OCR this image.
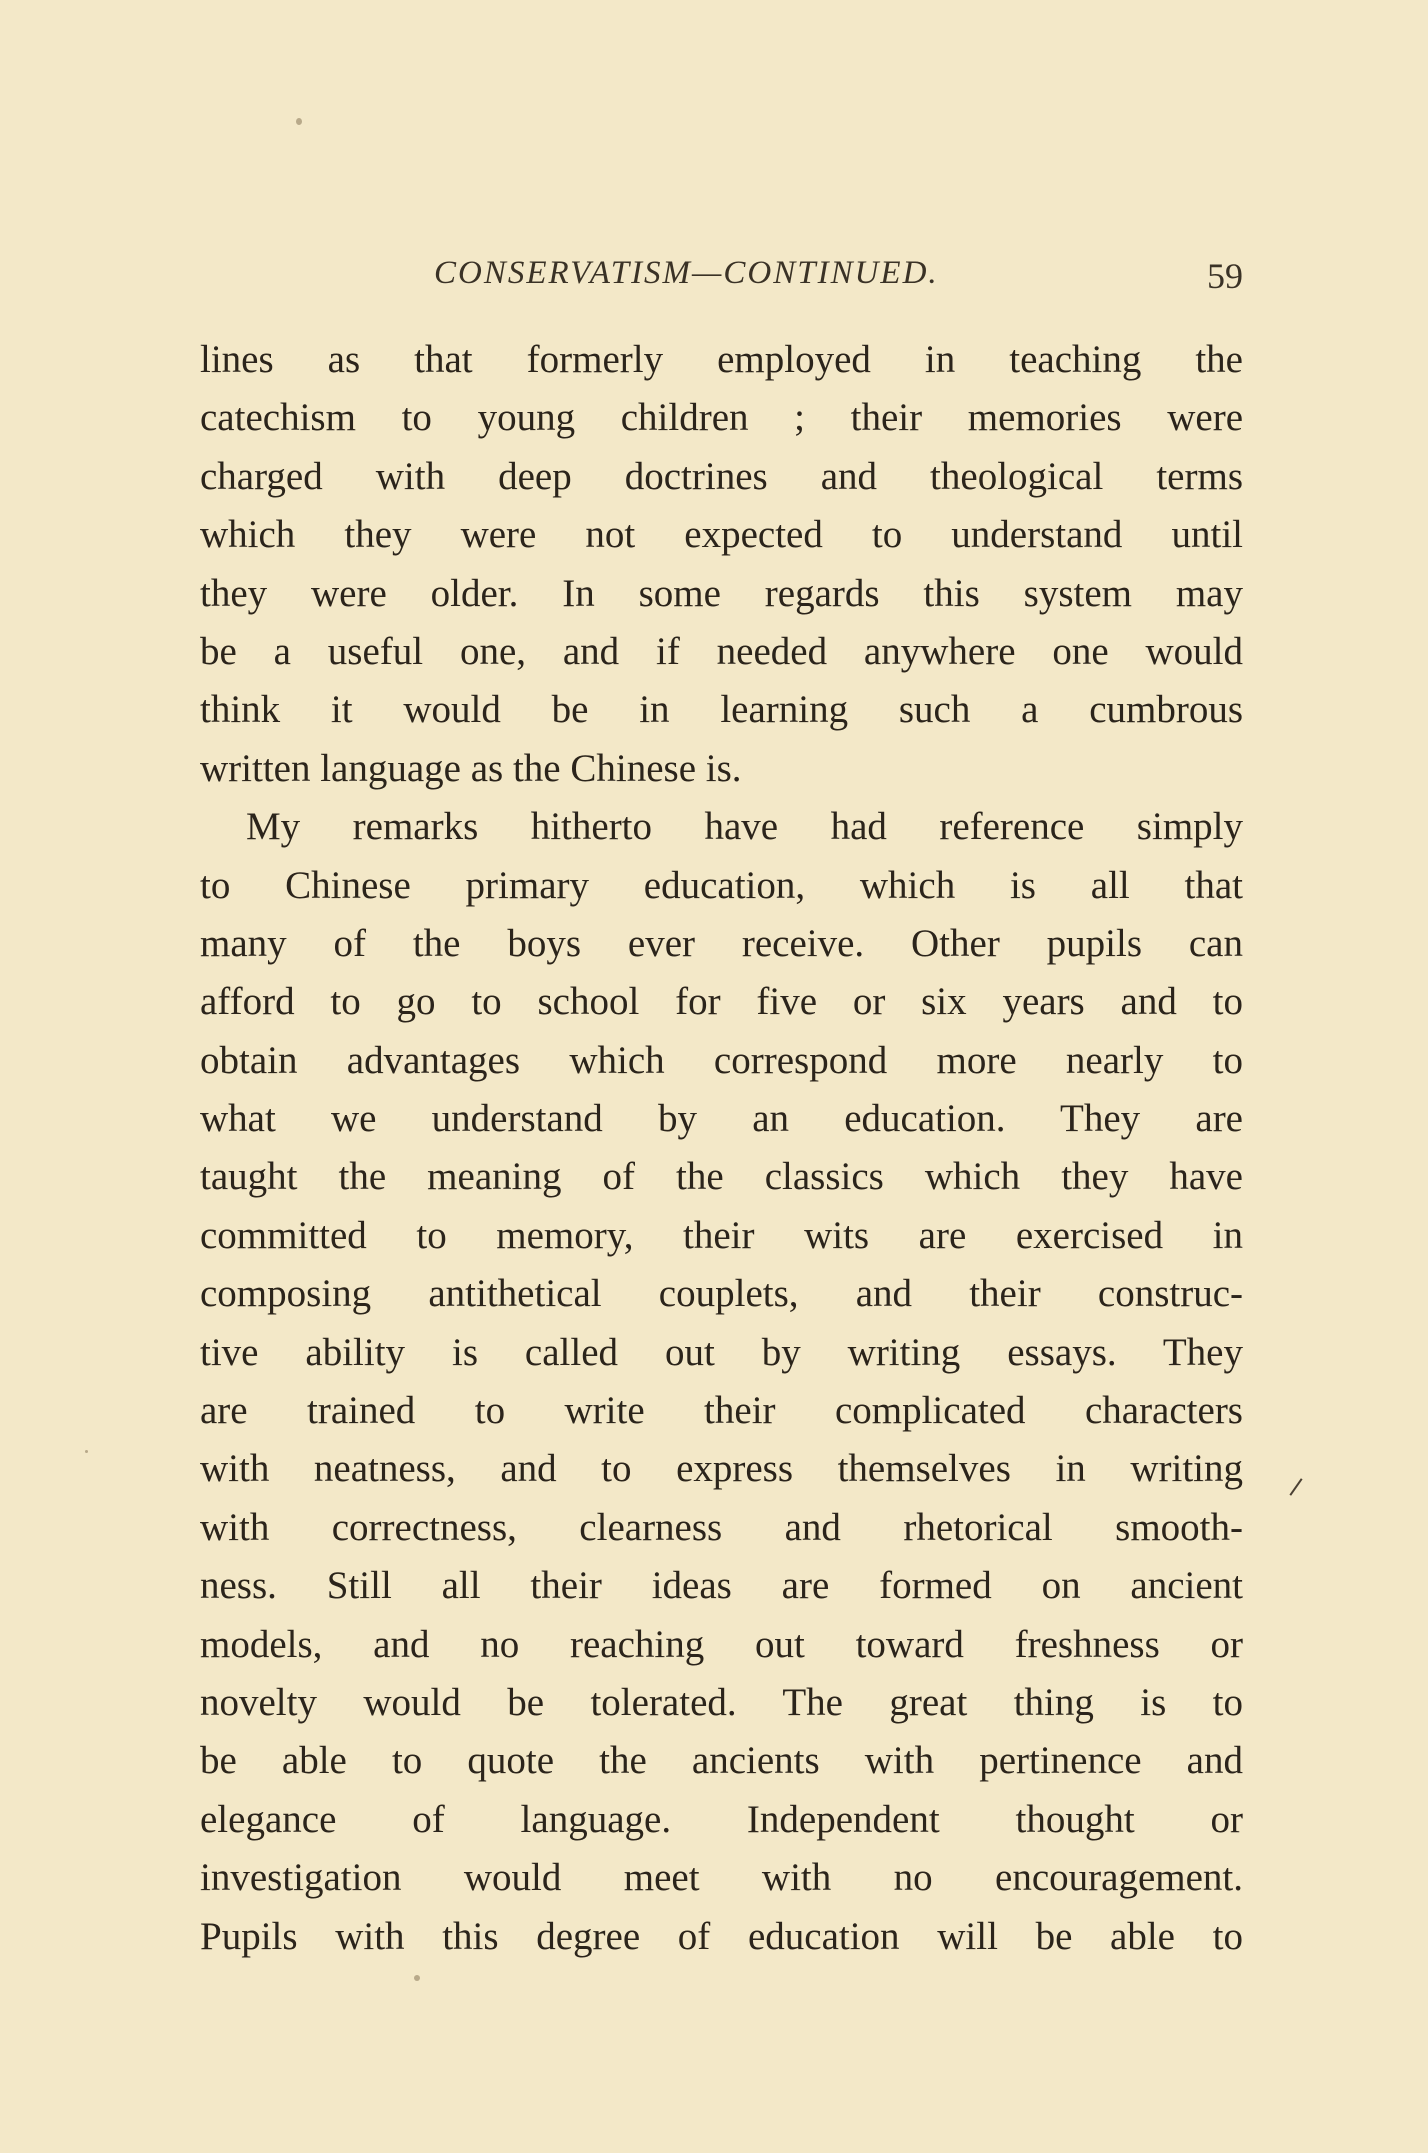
CONSERVATISM—CONTINUED.	59
lines as that formerly employed in teaching the
catechism to young children ; their memories were
charged with deep doctrines and theological terms
which they were not expected to understand until
they were older. In some regards this system may
be a useful one, and if needed anywhere one would
think it would be in learning such a cumbrous
written language as the Chinese is.
My remarks hitherto have had reference simply
to Chinese primary education, which is all that
many of the boys ever receive. Other pupils can
afford to go to school for five or six years and to
obtain advantages which correspond more nearly to
what we understand by an education. They are
taught the meaning of the classics which they have
committed to memory, their wits are exercised in
composing antithetical couplets, and their construc-
tive ability is called out by writing essays. They
are trained to write their complicated characters
with neatness, and to express themselves in writing
with correctness, clearness and rhetorical smooth-
ness. Still all their ideas are formed on ancient
models, and no reaching out toward freshness or
novelty would be tolerated. The great thing is to
be able to quote the ancients with pertinence and
elegance of language. Independent thought or
investigation would meet with no encouragement.
Pupils with this degree of education will be able to
